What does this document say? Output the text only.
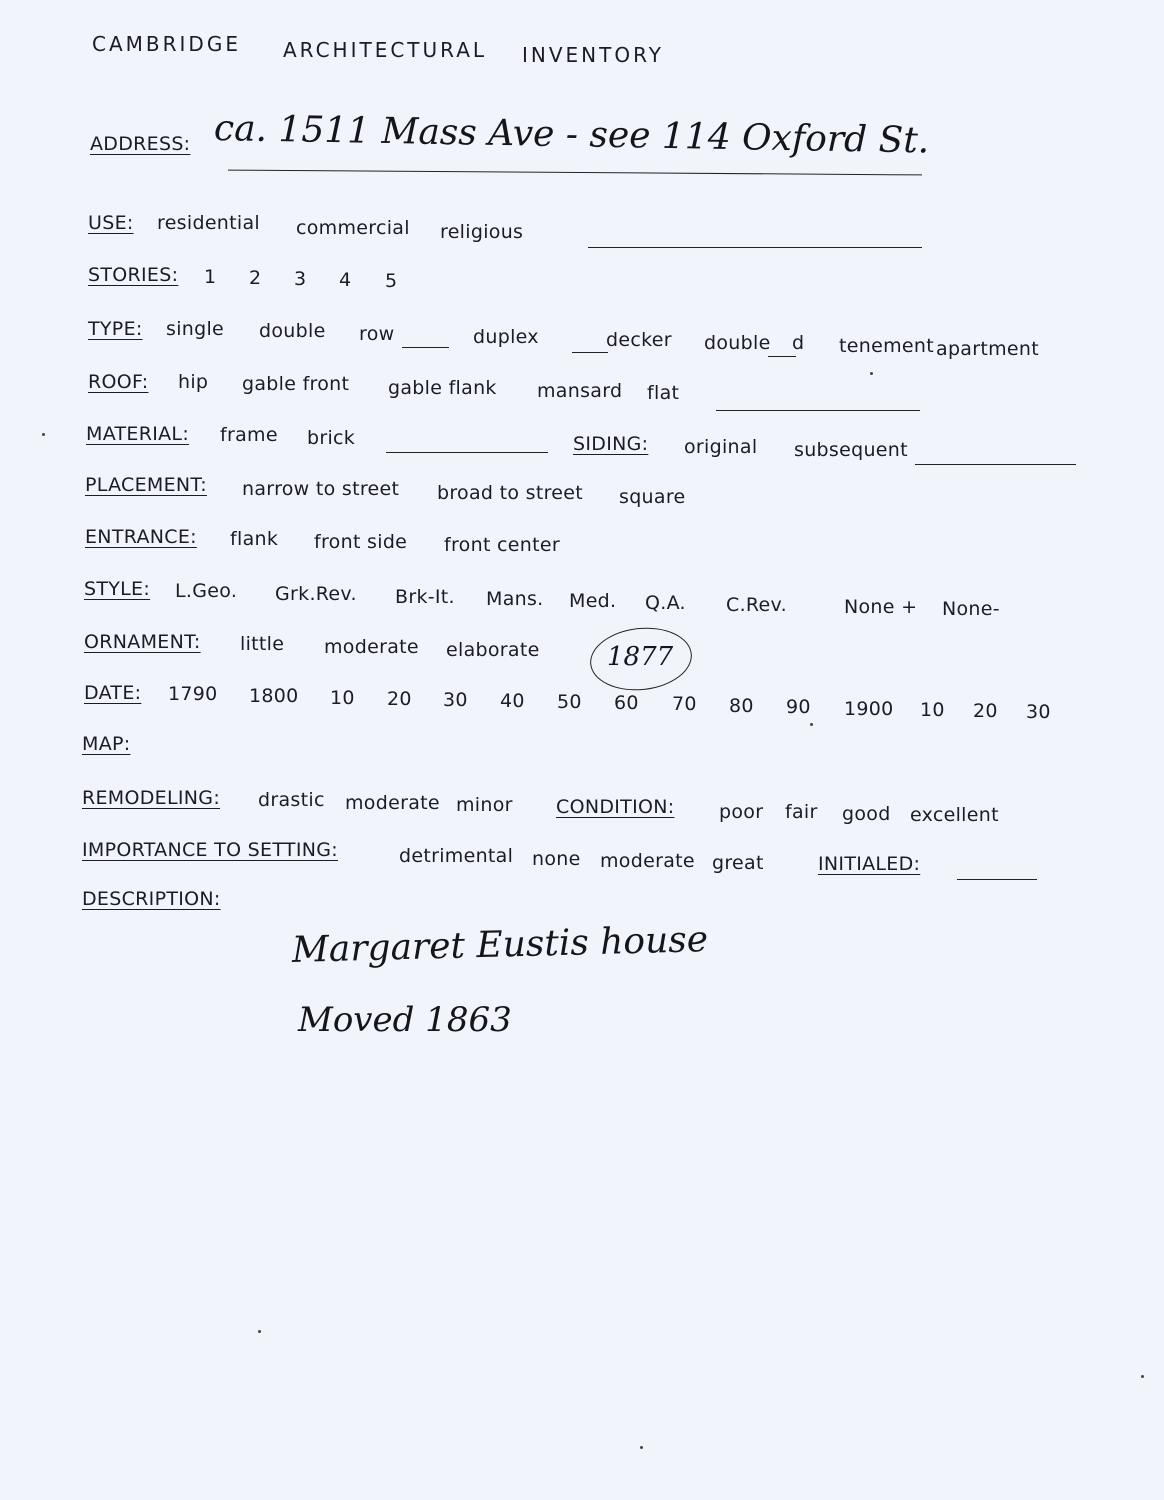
CAMBRIDGE ARCHITECTURAL INVENTORY
ADDRESS: ca. 1511 Mass Ave - see 114 Oxford St.
USE: residential commercial religious
STORIES: 1 2 3 4 5
TYPE: single double row	duplex	decker double d tenement apartment
ROOF: hip gable front gable flank mansard flat
MATERIAL: frame brick	SIDING: original subsequent
PLACEMENT: narrow to street broad to street square
ENTRANCE: flank front side front center
STYLE: L.Geo. Grk.Rev. Brk-It. Mans. Med. Q.A. C.Rev.	None + None-
ORNAMENT: little moderate elaborate	1877
DATE: 1790 1800 10 20 30 40 50 60 70 80 90 1900 10 20 30
MAP:
REMODELING: drastic moderate minor CONDITION: poor fair good excellent
IMPORTANCE TO SETTING:	detrimental none moderate great	INITIALED:
DESCRIPTION:
Margaret Eustis house
Moved 1863
